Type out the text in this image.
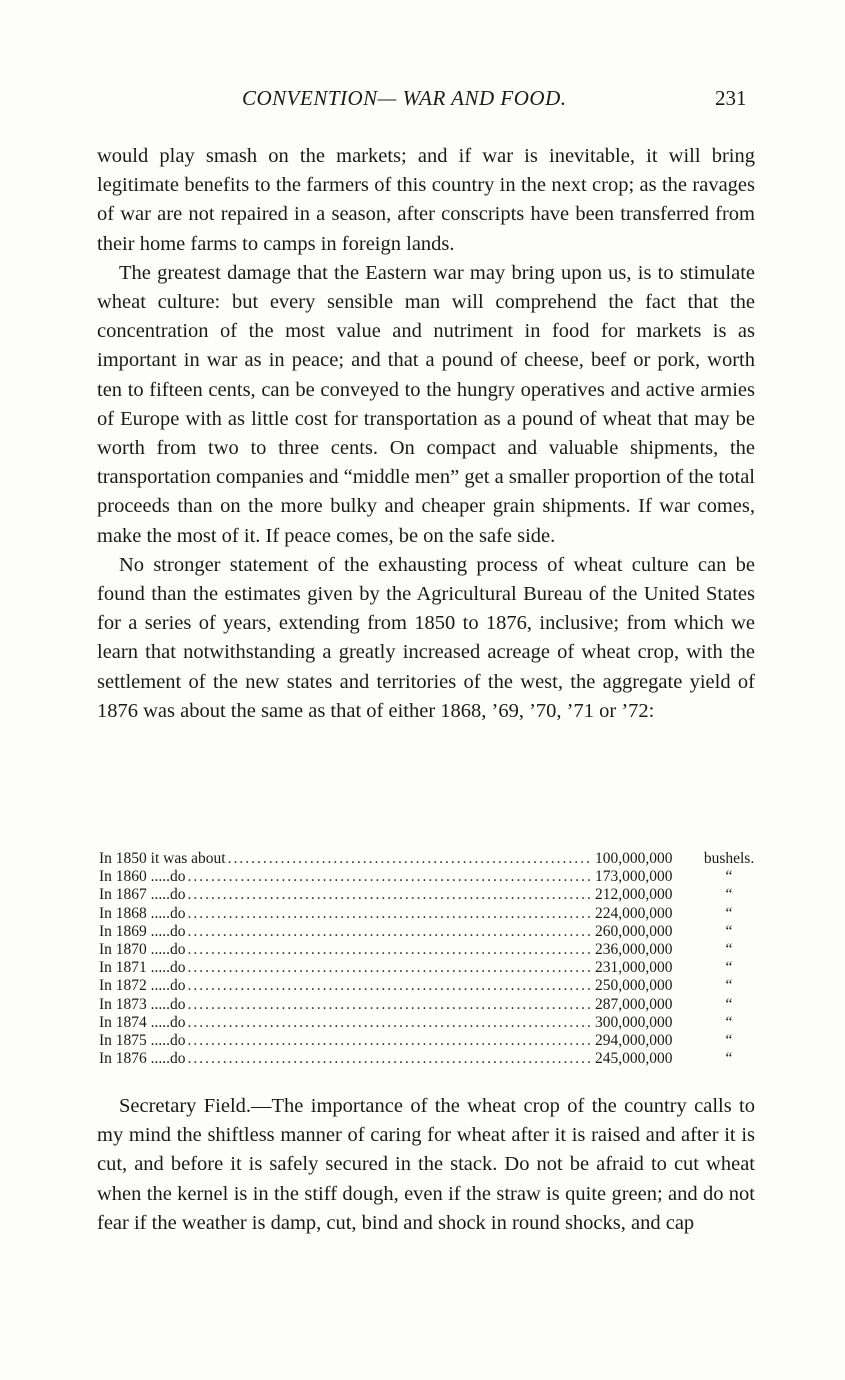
CONVENTION— WAR AND FOOD.	231

would play smash on the markets; and if war is inevitable, it will bring legitimate benefits to the farmers of this country in the next crop; as the ravages of war are not repaired in a season, after conscripts have been transferred from their home farms to camps in foreign lands.

The greatest damage that the Eastern war may bring upon us, is to stimulate wheat culture: but every sensible man will comprehend the fact that the concentration of the most value and nutriment in food for markets is as important in war as in peace; and that a pound of cheese, beef or pork, worth ten to fifteen cents, can be conveyed to the hungry operatives and active armies of Europe with as little cost for transportation as a pound of wheat that may be worth from two to three cents. On compact and valuable shipments, the transportation companies and “middle men” get a smaller proportion of the total proceeds than on the more bulky and cheaper grain shipments. If war comes, make the most of it. If peace comes, be on the safe side.

No stronger statement of the exhausting process of wheat culture can be found than the estimates given by the Agricultural Bureau of the United States for a series of years, extending from 1850 to 1876, inclusive; from which we learn that notwithstanding a greatly increased acreage of wheat crop, with the settlement of the new states and territories of the west, the aggregate yield of 1876 was about the same as that of either 1868, ’69, ’70, ’71 or ’72:

In 1850 it was about .....	100,000,000	bushels.
In 1860 .....do .....	173,000,000	“
In 1867 .....do .....	212,000,000	“
In 1868 .....do .....	224,000,000	“
In 1869 .....do .....	260,000,000	“
In 1870 .....do .....	236,000,000	“
In 1871 .....do .....	231,000,000	“
In 1872 .....do .....	250,000,000	“
In 1873 .....do .....	287,000,000	“
In 1874 .....do .....	300,000,000	“
In 1875 .....do .....	294,000,000	“
In 1876 .....do .....	245,000,000	“

Secretary Field.—The importance of the wheat crop of the country calls to my mind the shiftless manner of caring for wheat after it is raised and after it is cut, and before it is safely secured in the stack. Do not be afraid to cut wheat when the kernel is in the stiff dough, even if the straw is quite green; and do not fear if the weather is damp, cut, bind and shock in round shocks, and cap
